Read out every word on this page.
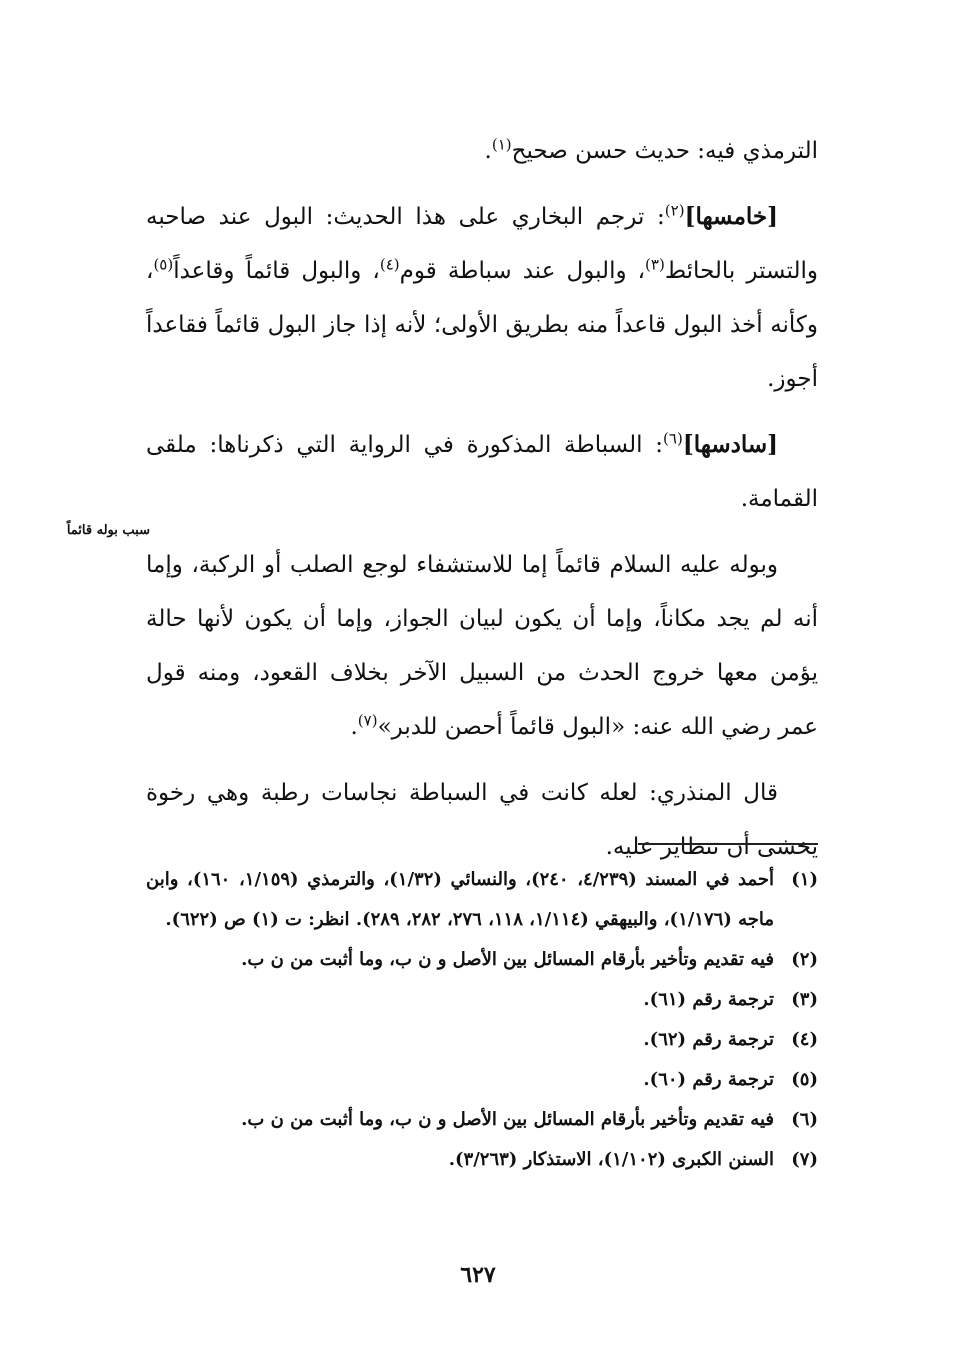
الترمذي فيه: حديث حسن صحيح$^{(١)}$.

[خامسها]$^{(٢)}$: ترجم البخاري على هذا الحديث: البول عند صاحبه والتستر بالحائط$^{(٣)}$، والبول عند سباطة قوم$^{(٤)}$، والبول قائماً وقاعداً$^{(٥)}$، وكأنه أخذ البول قاعداً منه بطريق الأولى؛ لأنه إذا جاز البول قائماً فقاعداً أجوز.

[سادسها]$^{(٦)}$: السباطة المذكورة في الرواية التي ذكرناها: ملقى القمامة.

وبوله عليه السلام قائماً إما للاستشفاء لوجع الصلب أو الركبة، وإما أنه لم يجد مكاناً، وإما أن يكون لبيان الجواز، وإما أن يكون لأنها حالة يؤمن معها خروج الحدث من السبيل الآخر بخلاف القعود، ومنه قول عمر رضي الله عنه: «البول قائماً أحصن للدبر»$^{(٧)}$.

قال المنذري: لعله كانت في السباطة نجاسات رطبة وهي رخوة يخشى أن تتطاير عليه.

سبب بوله قائماً
(١)
أحمد في المسند (٤/٢٣٩، ٢٤٠)، والنسائي (١/٣٢)، والترمذي (١/١٥٩، ١٦٠)، وابن ماجه (١/١٧٦)، والبيهقي (١/١١٤، ١١٨، ٢٧٦، ٢٨٢، ٢٨٩). انظر: ت (١) ص (٦٢٢).
(٢)
فيه تقديم وتأخير بأرقام المسائل بين الأصل و ن ب، وما أثبت من ن ب.
(٣)
ترجمة رقم (٦١).
(٤)
ترجمة رقم (٦٢).
(٥)
ترجمة رقم (٦٠).
(٦)
فيه تقديم وتأخير بأرقام المسائل بين الأصل و ن ب، وما أثبت من ن ب.
(٧)
السنن الكبرى (١/١٠٢)، الاستذكار (٣/٢٦٣).
٦٢٧
